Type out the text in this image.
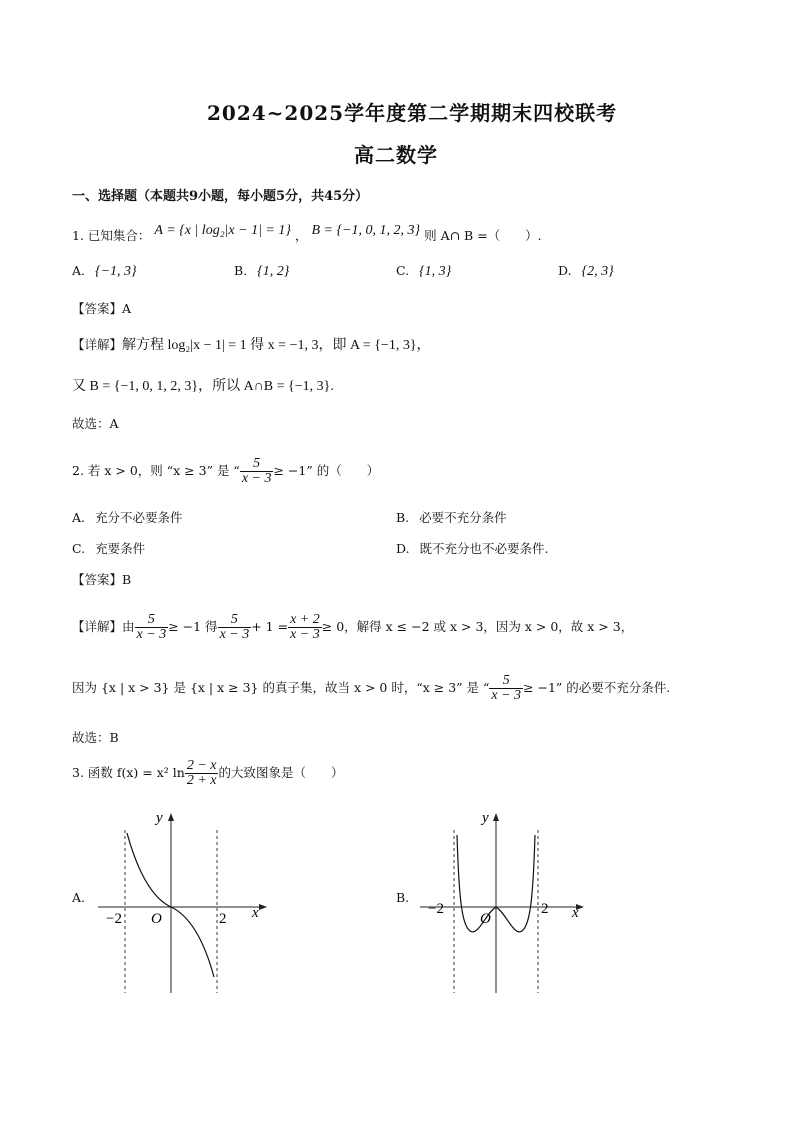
2024~2025学年度第二学期期末四校联考
高二数学
一、选择题（本题共9小题，每小题5分，共45分）
1. 已知集合： A = {x | log₂|x − 1| = 1} ， B = {−1, 0, 1, 2, 3} 则 A∩ B =（　　）.
A. {−1, 3}	B. {1, 2}	C. {1, 3}	D. {2, 3}
【答案】A
【详解】解方程 log₂|x − 1| = 1 得 x = −1, 3，即 A = {−1, 3}，
又 B = {−1, 0, 1, 2, 3}，所以 A∩B = {−1, 3}.
故选：A
2. 若 x > 0，则 “x ≥ 3” 是 “ $\frac{5}{x - 3} \ge -1$” 的（　　）
A. 充分不必要条件	B. 必要不充分条件
C. 充要条件	D. 既不充分也不必要条件.
【答案】B
【详解】由 $\frac{5}{x - 3} \ge -1$ 得 $\frac{5}{x - 3} + 1 = \frac{x + 2}{x - 3} \ge 0$，解得 x ≤ −2 或 x > 3，因为 x > 0，故 x > 3，
因为 {x | x > 3} 是 {x | x ≥ 3} 的真子集，故当 x > 0 时，“x ≥ 3” 是 “ $\frac{5}{x - 3} \ge -1$” 的必要不充分条件.
故选：B
3. 函数 f(x) = x² $\ln \frac{2 - x}{2 + x}$ 的大致图象是（　　）
A.
y
x
O
−2	2
B.
y
x
O
−2	2
